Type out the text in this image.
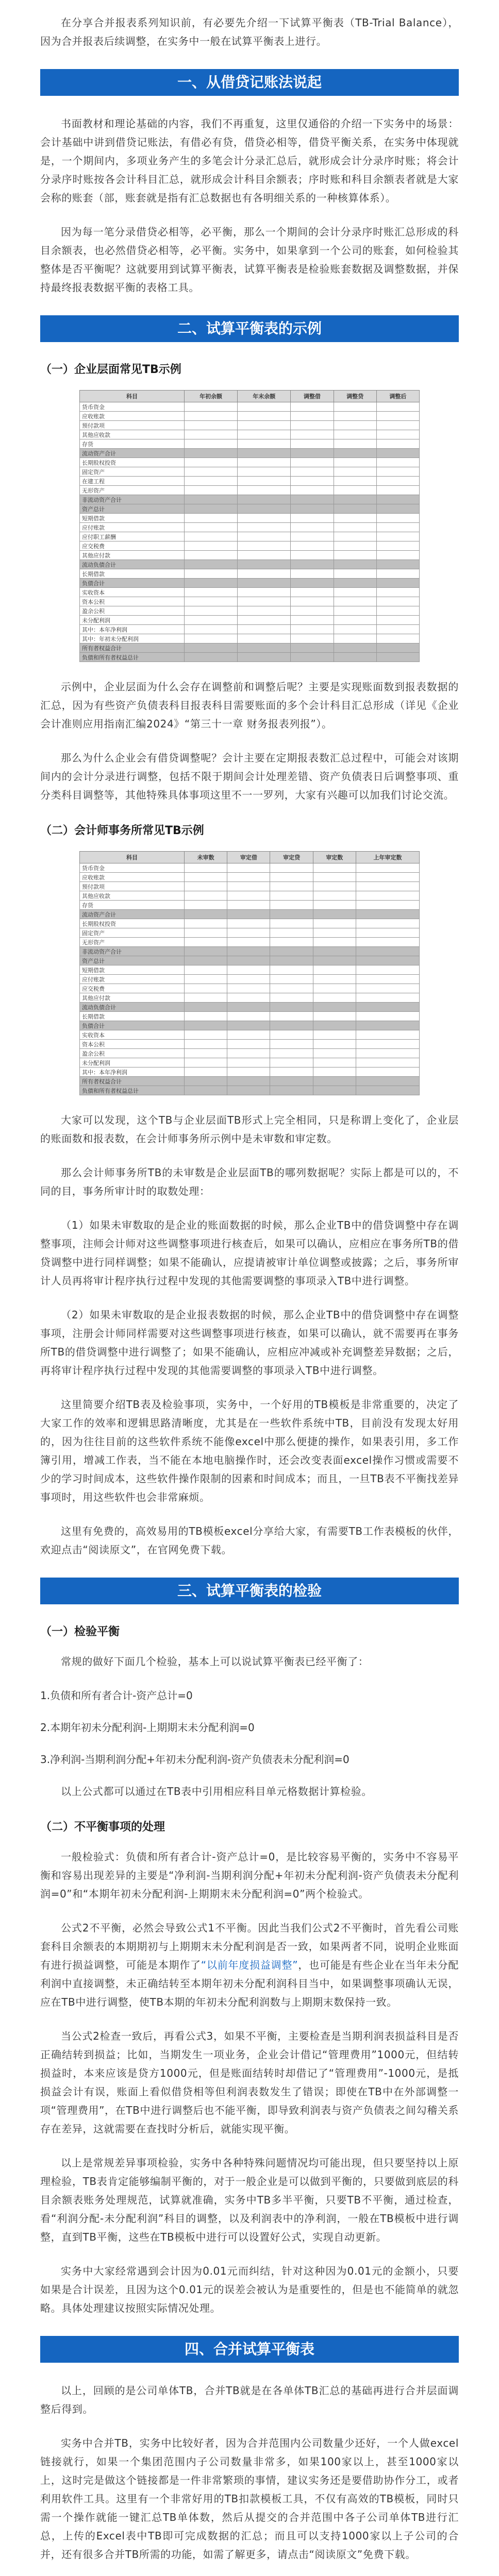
在分享合并报表系列知识前，有必要先介绍一下试算平衡表（TB-Trial Balance），因为合并报表后续调整，在实务中一般在试算平衡表上进行。

一、从借贷记账法说起

书面教材和理论基础的内容，我们不再重复，这里仅通俗的介绍一下实务中的场景：会计基础中讲到借贷记账法，有借必有贷，借贷必相等，借贷平衡关系，在实务中体现就是，一个期间内，多项业务产生的多笔会计分录汇总后，就形成会计分录序时账；将会计分录序时账按各会计科目汇总，就形成会计科目余额表；序时账和科目余额表者就是大家会称的账套（部，账套就是指有汇总数据也有各明细关系的一种核算体系）。

因为每一笔分录借贷必相等，必平衡，那么一个期间的会计分录序时账汇总形成的科目余额表，也必然借贷必相等，必平衡。实务中，如果拿到一个公司的账套，如何检验其整体是否平衡呢？这就要用到试算平衡表，试算平衡表是检验账套数据及调整数据，并保持最终报表数据平衡的表格工具。

二、试算平衡表的示例
（一）企业层面常见TB示例
科目	年初余额	年末余额	调整借	调整贷	调整后
货币资金					
应收账款					
预付款项					
其他应收款					
存货					
流动资产合计					
长期股权投资					
固定资产					
在建工程					
无形资产					
非流动资产合计					
资产总计					
短期借款					
应付账款					
应付职工薪酬					
应交税费					
其他应付款					
流动负债合计					
长期借款					
负债合计					
实收资本					
资本公积					
盈余公积					
未分配利润					
其中：本年净利润					
其中：年初未分配利润					
所有者权益合计					
负债和所有者权益总计					

示例中，企业层面为什么会存在调整前和调整后呢？主要是实现账面数到报表数据的汇总，因为有些资产负债表科目报表科目需要账面的多个会计科目汇总形成（详见《企业会计准则应用指南汇编2024》“第三十一章 财务报表列报”）。

那么为什么企业会有借贷调整呢？会计主要在定期报表数汇总过程中，可能会对该期间内的会计分录进行调整，包括不限于期间会计处理差错、资产负债表日后调整事项、重分类科目调整等，其他特殊具体事项这里不一一罗列，大家有兴趣可以加我们讨论交流。

（二）会计师事务所常见TB示例
科目	未审数	审定借	审定贷	审定数	上年审定数
货币资金					
应收账款					
预付款项					
其他应收款					
存货					
流动资产合计					
长期股权投资					
固定资产					
无形资产					
非流动资产合计					
资产总计					
短期借款					
应付账款					
应交税费					
其他应付款					
流动负债合计					
长期借款					
负债合计					
实收资本					
资本公积					
盈余公积					
未分配利润					
其中：本年净利润					
所有者权益合计					
负债和所有者权益总计					

大家可以发现，这个TB与企业层面TB形式上完全相同，只是称谓上变化了，企业层的账面数和报表数，在会计师事务所示例中是未审数和审定数。

那么会计师事务所TB的未审数是企业层面TB的哪列数据呢？实际上都是可以的，不同的目，事务所审计时的取数处理：

（1）如果未审数取的是企业的账面数据的时候，那么企业TB中的借贷调整中存在调整事项，注师会计师对这些调整事项进行核查后，如果可以确认，应相应在事务所TB的借贷调整中进行同样调整；如果不能确认，应提请被审计单位调整或披露；之后，事务所审计人员再将审计程序执行过程中发现的其他需要调整的事项录入TB中进行调整。

（2）如果未审数取的是企业报表数据的时候，那么企业TB中的借贷调整中存在调整事项，注册会计师同样需要对这些调整事项进行核查，如果可以确认，就不需要再在事务所TB的借贷调整中进行调整了；如果不能确认，应相应冲减或补充调整差异数据；之后，再将审计程序执行过程中发现的其他需要调整的事项录入TB中进行调整。

这里简要介绍TB表及检验事项，实务中，一个好用的TB模板是非常重要的，决定了大家工作的效率和逻辑思路清晰度，尤其是在一些软件系统中TB，目前没有发现太好用的，因为往往目前的这些软件系统不能像excel中那么便捷的操作，如果表引用，多工作簿引用，增减工作表，当不能在本地电脑操作时，还会改变表面excel操作习惯或需要不少的学习时间成本，这些软件操作限制的因素和时间成本；而且，一旦TB表不平衡找差异事项时，用这些软件也会非常麻烦。

这里有免费的，高效易用的TB模板excel分享给大家，有需要TB工作表模板的伙伴，欢迎点击“阅读原文”，在官网免费下载。

三、试算平衡表的检验
（一）检验平衡

常规的做好下面几个检验，基本上可以说试算平衡表已经平衡了：

1.负债和所有者合计-资产总计=0
2.本期年初未分配利润-上期期末未分配利润=0
3.净利润-当期利润分配+年初未分配利润-资产负债表未分配利润=0

以上公式都可以通过在TB表中引用相应科目单元格数据计算检验。

（二）不平衡事项的处理

一般检验式：负债和所有者合计-资产总计=0，是比较容易平衡的，实务中不容易平衡和容易出现差异的主要是“净利润-当期利润分配+年初未分配利润-资产负债表未分配利润=0”和“本期年初未分配利润-上期期末未分配利润=0”两个检验式。

公式2不平衡，必然会导致公式1不平衡。因此当我们公式2不平衡时，首先看公司账套科目余额表的本期期初与上期期末未分配利润是否一致，如果两者不同，说明企业账面有进行损益调整，可能是本期作了“以前年度损益调整”，也可能是有些企业在当年未分配利润中直接调整，未正确结转至本期年初未分配利润科目当中，如果调整事项确认无误，应在TB中进行调整，使TB本期的年初未分配利润数与上期期末数保持一致。

当公式2检查一致后，再看公式3，如果不平衡，主要检查是当期利润表损益科目是否正确结转到损益；比如，当期发生一项业务，企业会计借记“管理费用”1000元，但结转损益时，本来应该是贷方1000元，但是账面结转时却借记了“管理费用”-1000元，是抵损益会计有误，账面上看似借贷相等但利润表数发生了错误；即使在TB中在外部调整一项“管理费用”，在TB中进行调整后也不能平衡，即导致利润表与资产负债表之间勾稽关系存在差异，这就需要在查找时分析后，就能实现平衡。

以上是常规差异事项检验，实务中各种特殊问题情况均可能出现，但只要坚持以上原理检验，TB表肯定能够编制平衡的，对于一般企业是可以做到平衡的，只要做到底层的科目余额表账务处理规范，试算就准确，实务中TB多半平衡，只要TB不平衡，通过检查，看“利润分配-未分配利润”科目的调整，以及利润表中的净利润，一般在TB模板中进行调整，直到TB平衡，这些在TB模板中进行可以设置好公式，实现自动更新。

实务中大家经常遇到会计因为0.01元而纠结，针对这种因为0.01元的金额小，只要如果是合计误差，且因为这个0.01元的误差会被认为是重要性的，但是也不能简单的就忽略。具体处理建议按照实际情况处理。

四、合并试算平衡表

以上，回顾的是公司单体TB，合并TB就是在各单体TB汇总的基础再进行合并层面调整后得到。

实务中合并TB，实务中比较好者，因为合并范围内公司数量少还好，一个人做excel链接就行，如果一个集团范围内子公司数量非常多，如果100家以上，甚至1000家以上，这时完是做这个链接都是一件非常繁琐的事情，建议实务还是要借助协作分工，或者利用软件工具。这里有一个非常好用的TB扣款模板工具，不仅有高效的TB模板，同时只需一个操作就能一键汇总TB单体数，然后从提交的合并范围中各子公司单体TB进行汇总，上传的Excel表中TB即可完成数据的汇总；而且可以支持1000家以上子公司的合并，还有很多合并TB所需的功能，如需了解更多，请点击“阅读原文”免费下载。
